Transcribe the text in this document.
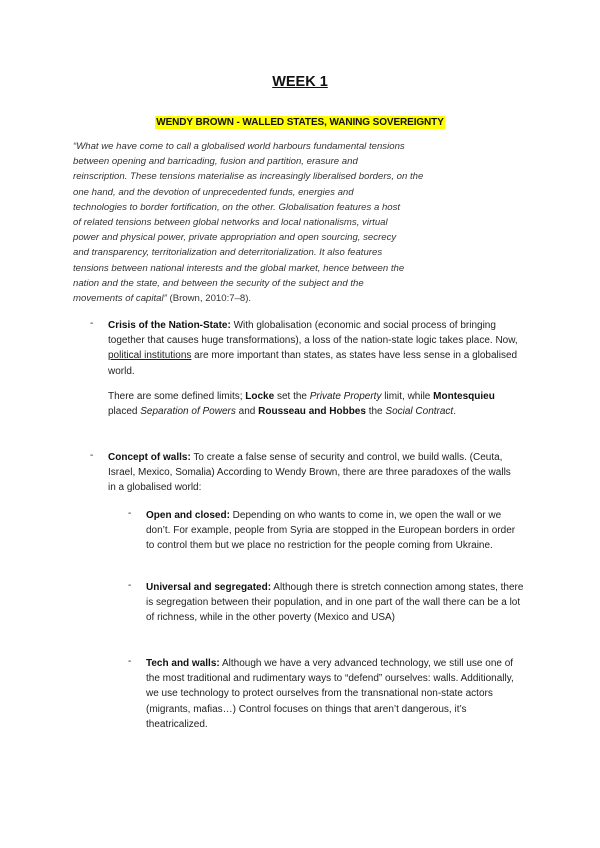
WEEK 1
WENDY BROWN - WALLED STATES, WANING SOVEREIGNTY

“What we have come to call a globalised world harbours fundamental tensions
between opening and barricading, fusion and partition, erasure and
reinscription. These tensions materialise as increasingly liberalised borders, on the
one hand, and the devotion of unprecedented funds, energies and
technologies to border fortification, on the other. Globalisation features a host
of related tensions between global networks and local nationalisms, virtual
power and physical power, private appropriation and open sourcing, secrecy
and transparency, territorialization and deterritorialization. It also features
tensions between national interests and the global market, hence between the
nation and the state, and between the security of the subject and the
movements of capital” (Brown, 2010:7–8).

- Crisis of the Nation-State: With globalisation (economic and social process of bringing together that causes huge transformations), a loss of the nation-state logic takes place. Now, political institutions are more important than states, as states have less sense in a globalised world.

There are some defined limits; Locke set the Private Property limit, while Montesquieu placed Separation of Powers and Rousseau and Hobbes the Social Contract.

- Concept of walls: To create a false sense of security and control, we build walls. (Ceuta, Israel, Mexico, Somalia) According to Wendy Brown, there are three paradoxes of the walls in a globalised world:

- Open and closed: Depending on who wants to come in, we open the wall or we don’t. For example, people from Syria are stopped in the European borders in order to control them but we place no restriction for the people coming from Ukraine.

- Universal and segregated: Although there is stretch connection among states, there is segregation between their population, and in one part of the wall there can be a lot of richness, while in the other poverty (Mexico and USA)

- Tech and walls: Although we have a very advanced technology, we still use one of the most traditional and rudimentary ways to “defend” ourselves: walls. Additionally, we use technology to protect ourselves from the transnational non-state actors (migrants, mafias…) Control focuses on things that aren’t dangerous, it’s theatricalized.
